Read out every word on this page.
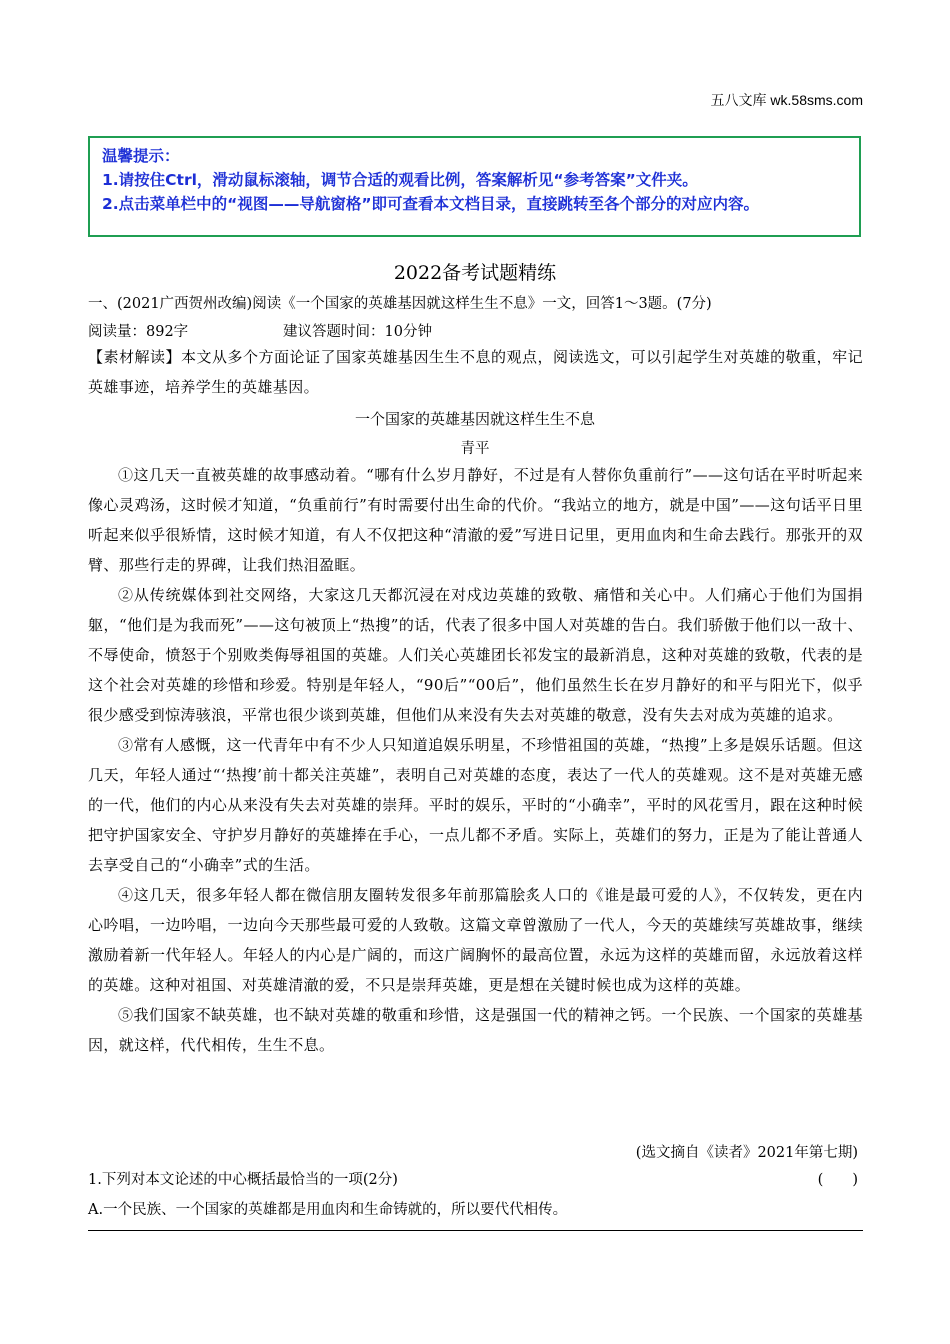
五八文库 wk.58sms.com
温馨提示：
1.请按住Ctrl，滑动鼠标滚轴，调节合适的观看比例，答案解析见“参考答案”文件夹。
2.点击菜单栏中的“视图——导航窗格”即可查看本文档目录，直接跳转至各个部分的对应内容。
2022备考试题精练
一、(2021广西贺州改编)阅读《一个国家的英雄基因就这样生生不息》一文，回答1～3题。(7分)
阅读量：892字	建议答题时间：10分钟
【素材解读】本文从多个方面论证了国家英雄基因生生不息的观点，阅读选文，可以引起学生对英雄的敬重，牢记英雄事迹，培养学生的英雄基因。
一个国家的英雄基因就这样生生不息
青平

①这几天一直被英雄的故事感动着。“哪有什么岁月静好，不过是有人替你负重前行”——这句话在平时听起来像心灵鸡汤，这时候才知道，“负重前行”有时需要付出生命的代价。“我站立的地方，就是中国”——这句话平日里听起来似乎很矫情，这时候才知道，有人不仅把这种“清澈的爱”写进日记里，更用血肉和生命去践行。那张开的双臂、那些行走的界碑，让我们热泪盈眶。

②从传统媒体到社交网络，大家这几天都沉浸在对戍边英雄的致敬、痛惜和关心中。人们痛心于他们为国捐躯，“他们是为我而死”——这句被顶上“热搜”的话，代表了很多中国人对英雄的告白。我们骄傲于他们以一敌十、不辱使命，愤怒于个别败类侮辱祖国的英雄。人们关心英雄团长祁发宝的最新消息，这种对英雄的致敬，代表的是这个社会对英雄的珍惜和珍爱。特别是年轻人，“90后”“00后”，他们虽然生长在岁月静好的和平与阳光下，似乎很少感受到惊涛骇浪，平常也很少谈到英雄，但他们从来没有失去对英雄的敬意，没有失去对成为英雄的追求。

③常有人感慨，这一代青年中有不少人只知道追娱乐明星，不珍惜祖国的英雄，“热搜”上多是娱乐话题。但这几天，年轻人通过“‘热搜’前十都关注英雄”，表明自己对英雄的态度，表达了一代人的英雄观。这不是对英雄无感的一代，他们的内心从来没有失去对英雄的崇拜。平时的娱乐，平时的“小确幸”，平时的风花雪月，跟在这种时候把守护国家安全、守护岁月静好的英雄捧在手心，一点儿都不矛盾。实际上，英雄们的努力，正是为了能让普通人去享受自己的“小确幸”式的生活。

④这几天，很多年轻人都在微信朋友圈转发很多年前那篇脍炙人口的《谁是最可爱的人》，不仅转发，更在内心吟唱，一边吟唱，一边向今天那些最可爱的人致敬。这篇文章曾激励了一代人，今天的英雄续写英雄故事，继续激励着新一代年轻人。年轻人的内心是广阔的，而这广阔胸怀的最高位置，永远为这样的英雄而留，永远放着这样的英雄。这种对祖国、对英雄清澈的爱，不只是崇拜英雄，更是想在关键时候也成为这样的英雄。

⑤我们国家不缺英雄，也不缺对英雄的敬重和珍惜，这是强国一代的精神之钙。一个民族、一个国家的英雄基因，就这样，代代相传，生生不息。

(选文摘自《读者》2021年第七期)
1.下列对本文论述的中心概括最恰当的一项(2分)	(　　)
A.一个民族、一个国家的英雄都是用血肉和生命铸就的，所以要代代相传。
